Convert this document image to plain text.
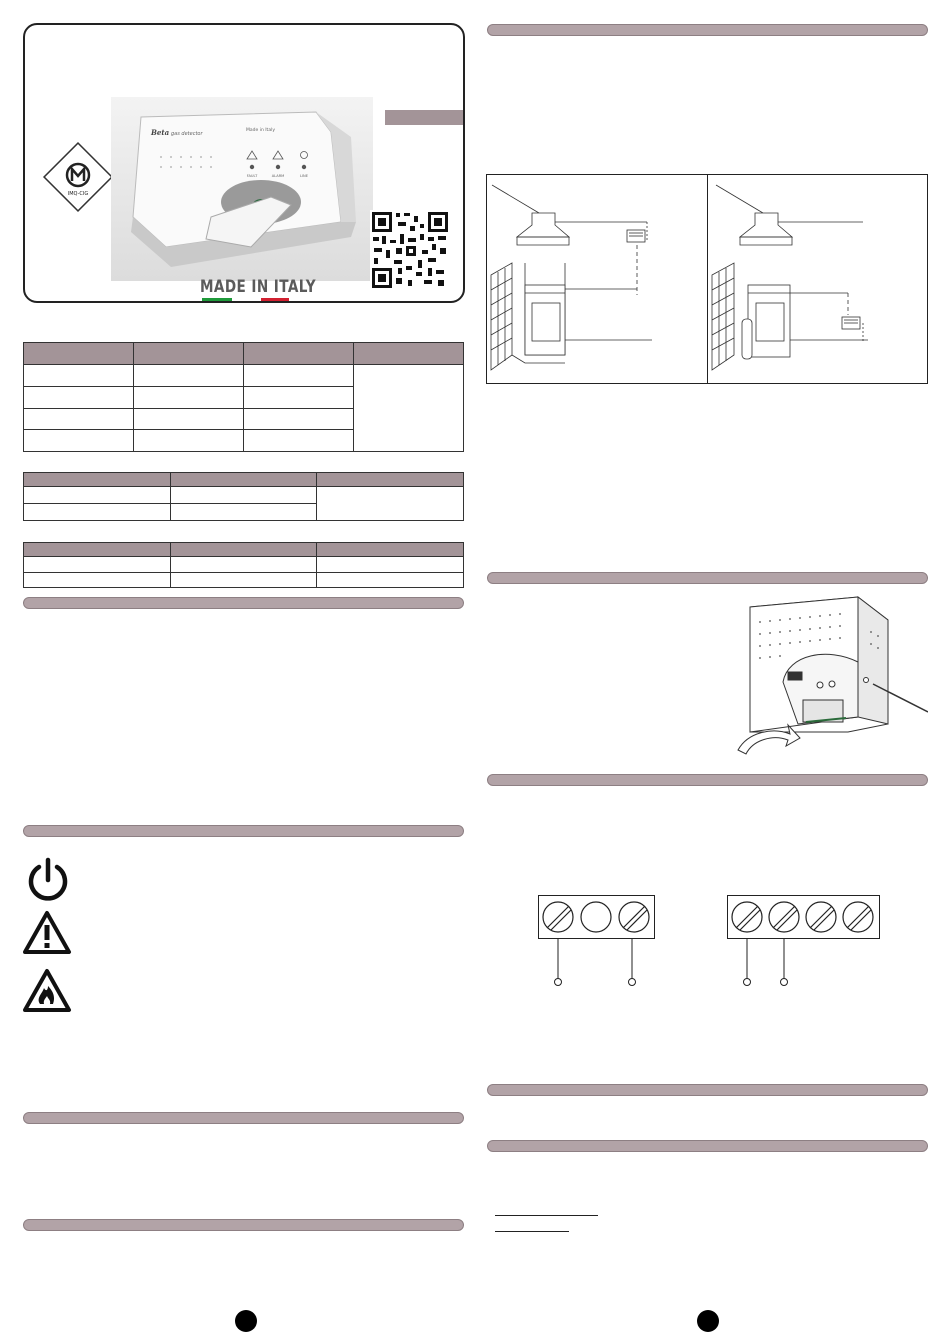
IMQ-CIG
Beta gas detector
Made in Italy
FAULT	ALARM	LINE
MADE IN ITALY
